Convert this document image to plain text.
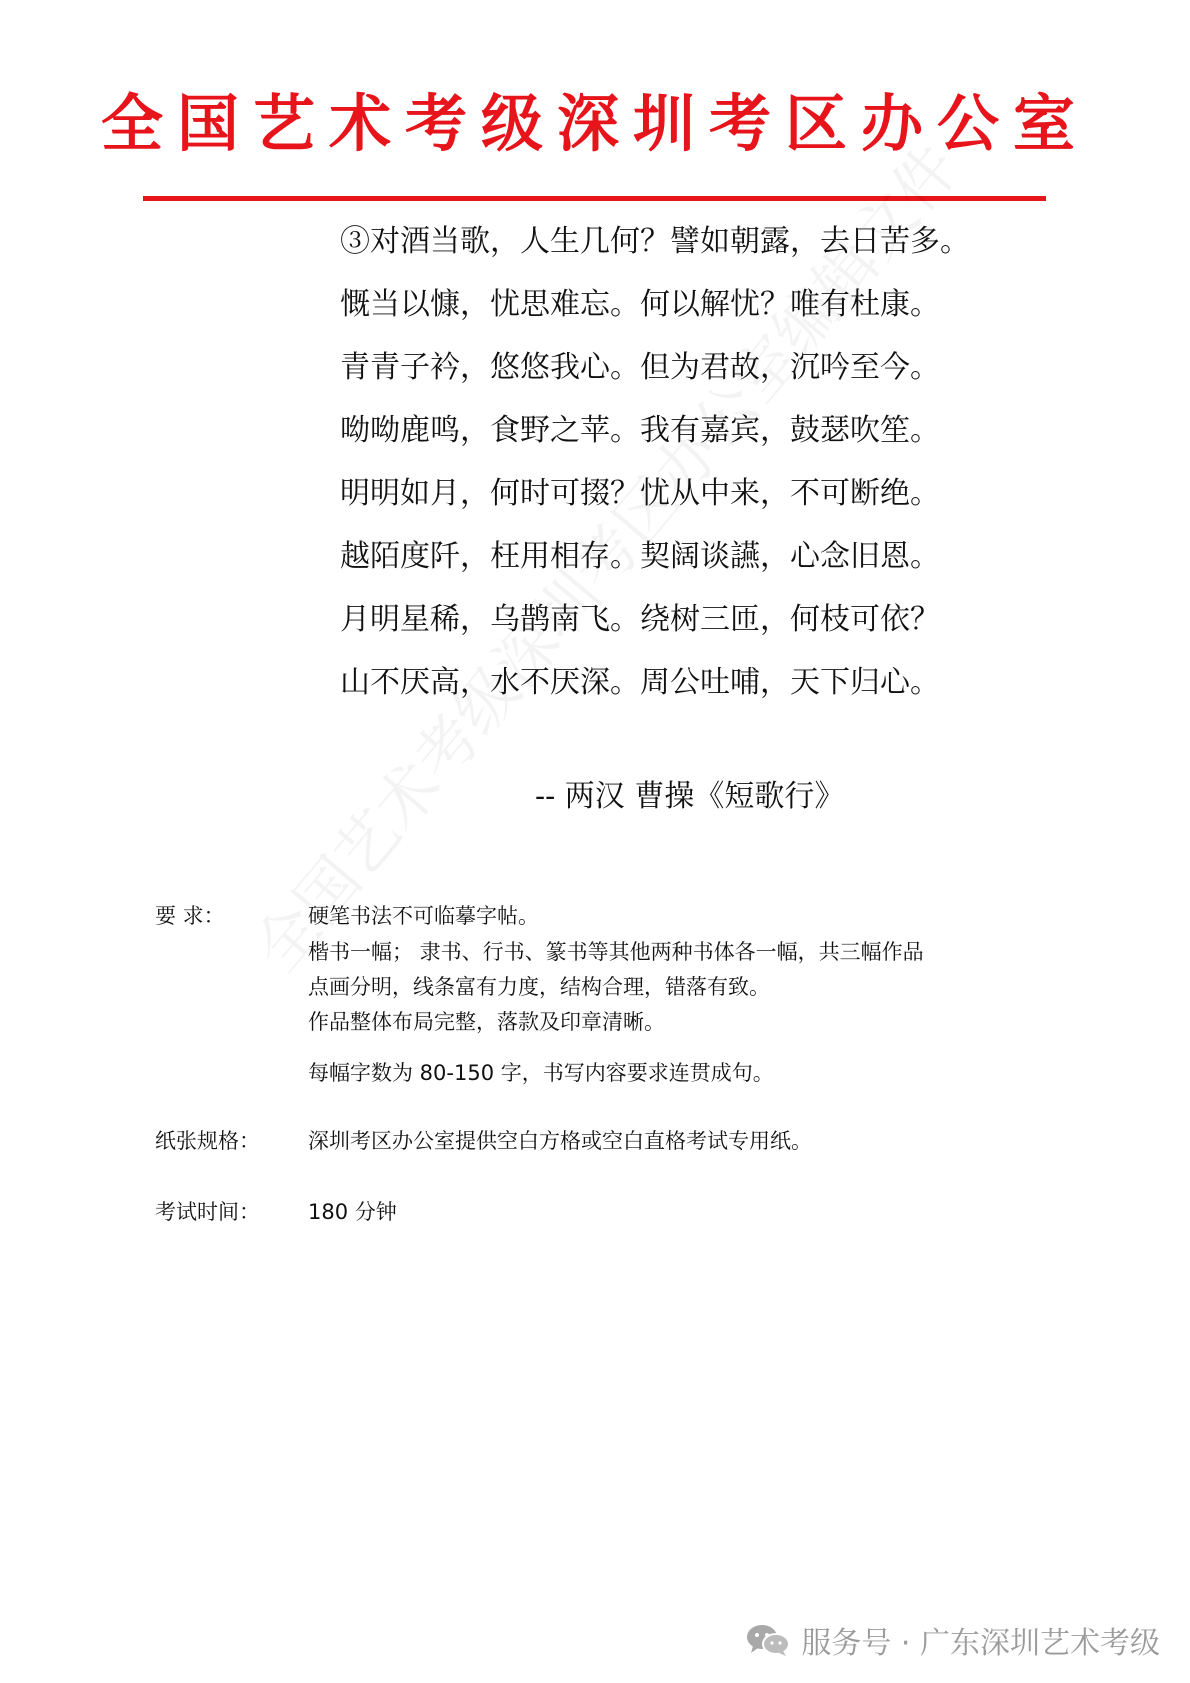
全国艺术考级深圳考区办公室
③对酒当歌，人生几何？譬如朝露，去日苦多。
慨当以慷，忧思难忘。何以解忧？唯有杜康。
青青子衿，悠悠我心。但为君故，沉吟至今。
呦呦鹿鸣，食野之苹。我有嘉宾，鼓瑟吹笙。
明明如月，何时可掇？忧从中来，不可断绝。
越陌度阡，枉用相存。契阔谈讌，心念旧恩。
月明星稀，乌鹊南飞。绕树三匝，何枝可依？
山不厌高，水不厌深。周公吐哺，天下归心。
-- 两汉 曹操《短歌行》
要 求：	硬笔书法不可临摹字帖。
楷书一幅； 隶书、行书、篆书等其他两种书体各一幅，共三幅作品
点画分明，线条富有力度，结构合理，错落有致。
作品整体布局完整，落款及印章清晰。
每幅字数为 80-150 字，书写内容要求连贯成句。
纸张规格： 深圳考区办公室提供空白方格或空白直格考试专用纸。
考试时间： 180 分钟
服务号 · 广东深圳艺术考级
